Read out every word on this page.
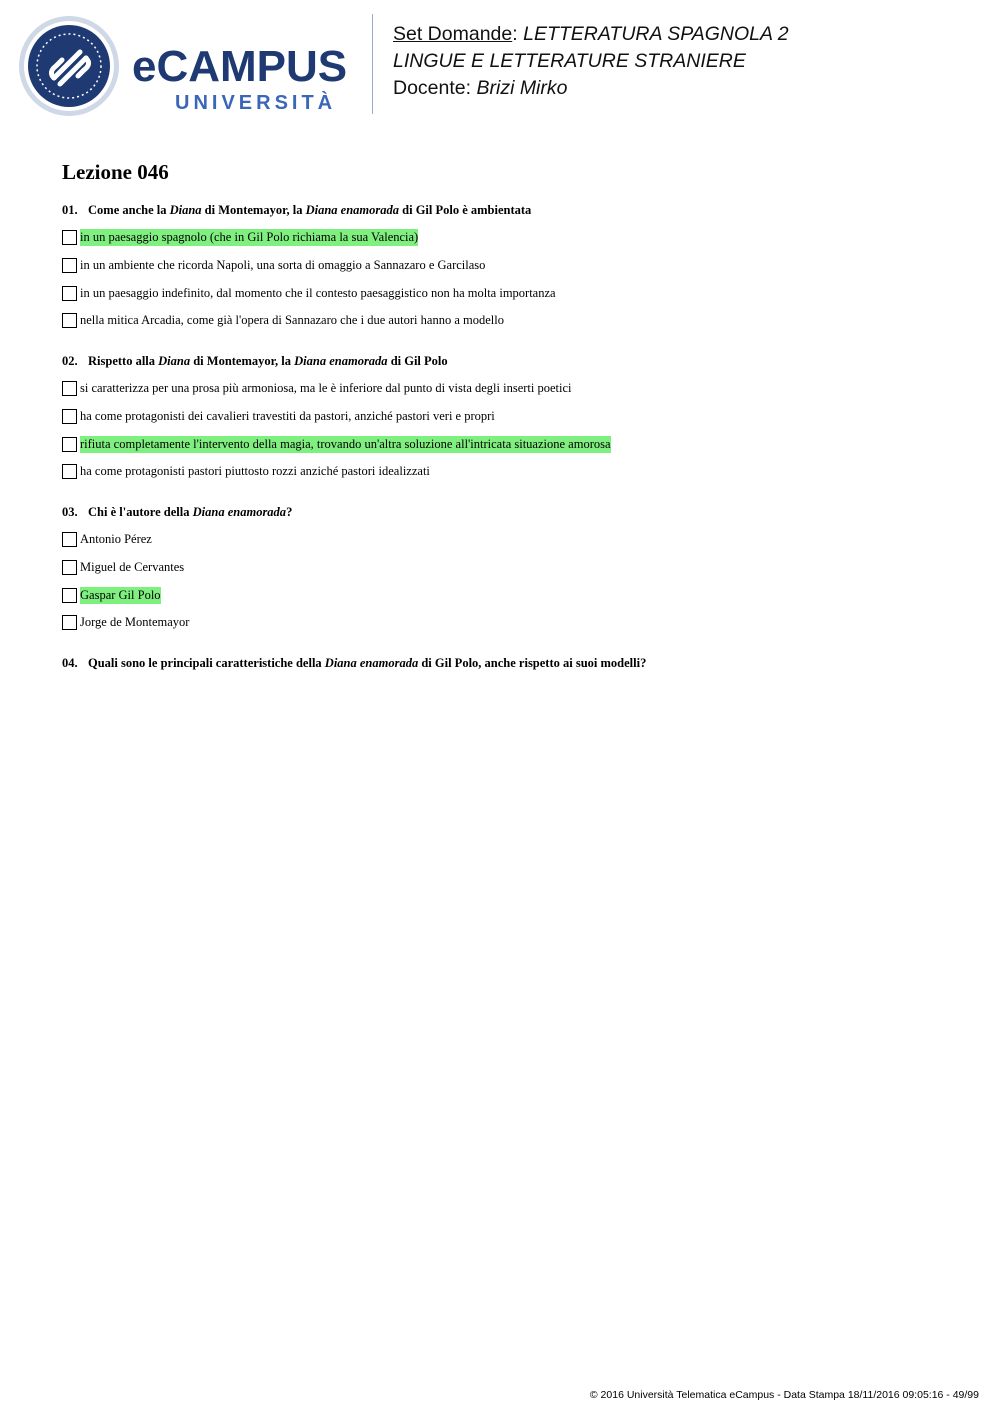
eCAMPUS
UNIVERSITÀ
Set Domande: LETTERATURA SPAGNOLA 2
LINGUE E LETTERATURE STRANIERE
Docente: Brizi Mirko
Lezione 046
01. Come anche la Diana di Montemayor, la Diana enamorada di Gil Polo è ambientata
in un paesaggio spagnolo (che in Gil Polo richiama la sua Valencia)
in un ambiente che ricorda Napoli, una sorta di omaggio a Sannazaro e Garcilaso
in un paesaggio indefinito, dal momento che il contesto paesaggistico non ha molta importanza
nella mitica Arcadia, come già l'opera di Sannazaro che i due autori hanno a modello
02. Rispetto alla Diana di Montemayor, la Diana enamorada di Gil Polo
si caratterizza per una prosa più armoniosa, ma le è inferiore dal punto di vista degli inserti poetici
ha come protagonisti dei cavalieri travestiti da pastori, anziché pastori veri e propri
rifiuta completamente l'intervento della magia, trovando un'altra soluzione all'intricata situazione amorosa
ha come protagonisti pastori piuttosto rozzi anziché pastori idealizzati
03. Chi è l'autore della Diana enamorada?
Antonio Pérez
Miguel de Cervantes
Gaspar Gil Polo
Jorge de Montemayor
04. Quali sono le principali caratteristiche della Diana enamorada di Gil Polo, anche rispetto ai suoi modelli?
© 2016 Università Telematica eCampus - Data Stampa 18/11/2016 09:05:16 - 49/99
